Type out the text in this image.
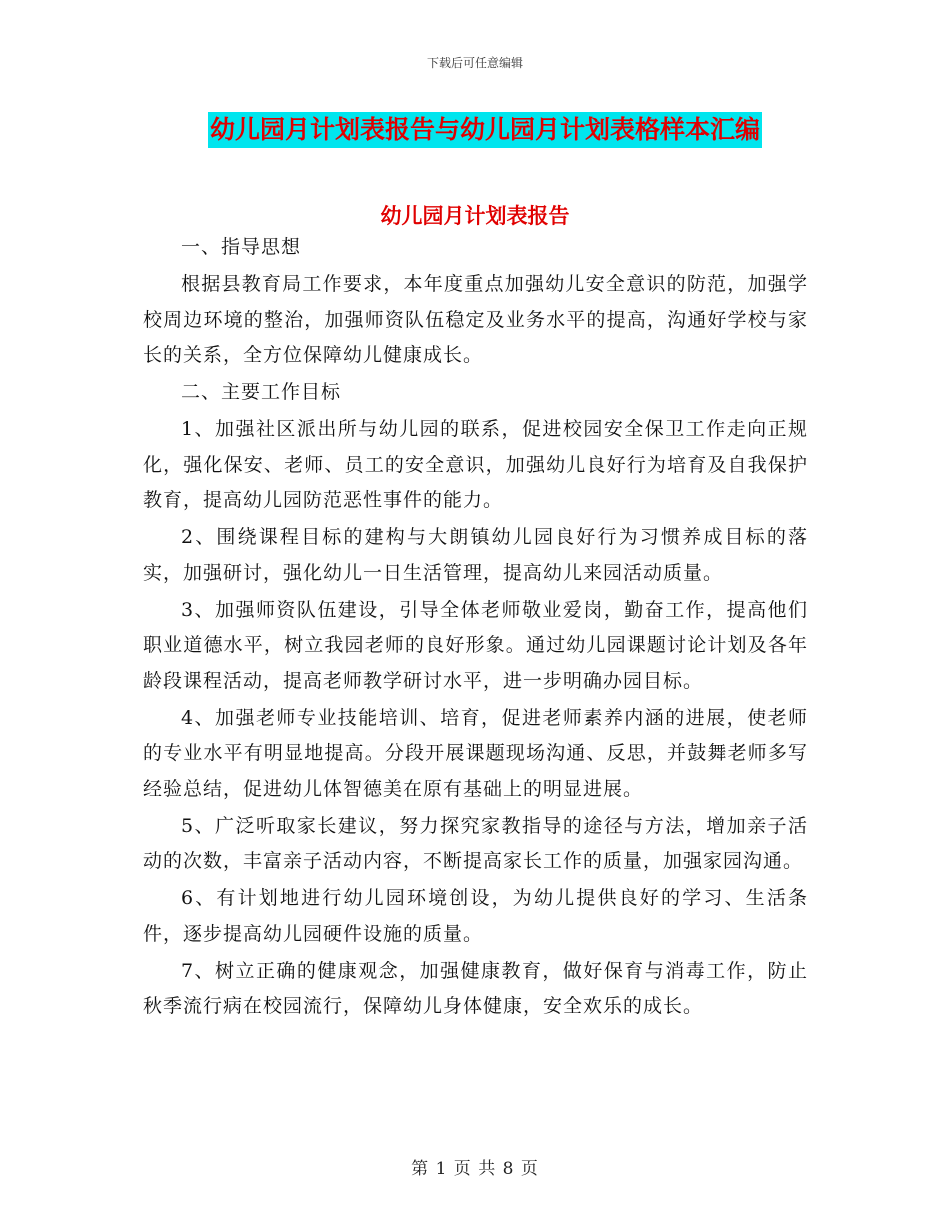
下载后可任意编辑
幼儿园月计划表报告与幼儿园月计划表格样本汇编
幼儿园月计划表报告

一、指导思想

根据县教育局工作要求，本年度重点加强幼儿安全意识的防范，加强学校周边环境的整治，加强师资队伍稳定及业务水平的提高，沟通好学校与家长的关系，全方位保障幼儿健康成长。

二、主要工作目标

1、加强社区派出所与幼儿园的联系，促进校园安全保卫工作走向正规化，强化保安、老师、员工的安全意识，加强幼儿良好行为培育及自我保护教育，提高幼儿园防范恶性事件的能力。

2、围绕课程目标的建构与大朗镇幼儿园良好行为习惯养成目标的落实，加强研讨，强化幼儿一日生活管理，提高幼儿来园活动质量。

3、加强师资队伍建设，引导全体老师敬业爱岗，勤奋工作，提高他们职业道德水平，树立我园老师的良好形象。通过幼儿园课题讨论计划及各年龄段课程活动，提高老师教学研讨水平，进一步明确办园目标。

4、加强老师专业技能培训、培育，促进老师素养内涵的进展，使老师的专业水平有明显地提高。分段开展课题现场沟通、反思，并鼓舞老师多写经验总结，促进幼儿体智德美在原有基础上的明显进展。

5、广泛听取家长建议，努力探究家教指导的途径与方法，增加亲子活动的次数，丰富亲子活动内容，不断提高家长工作的质量，加强家园沟通。

6、有计划地进行幼儿园环境创设，为幼儿提供良好的学习、生活条件，逐步提高幼儿园硬件设施的质量。

7、树立正确的健康观念，加强健康教育，做好保育与消毒工作，防止秋季流行病在校园流行，保障幼儿身体健康，安全欢乐的成长。

第 1 页 共 8 页
